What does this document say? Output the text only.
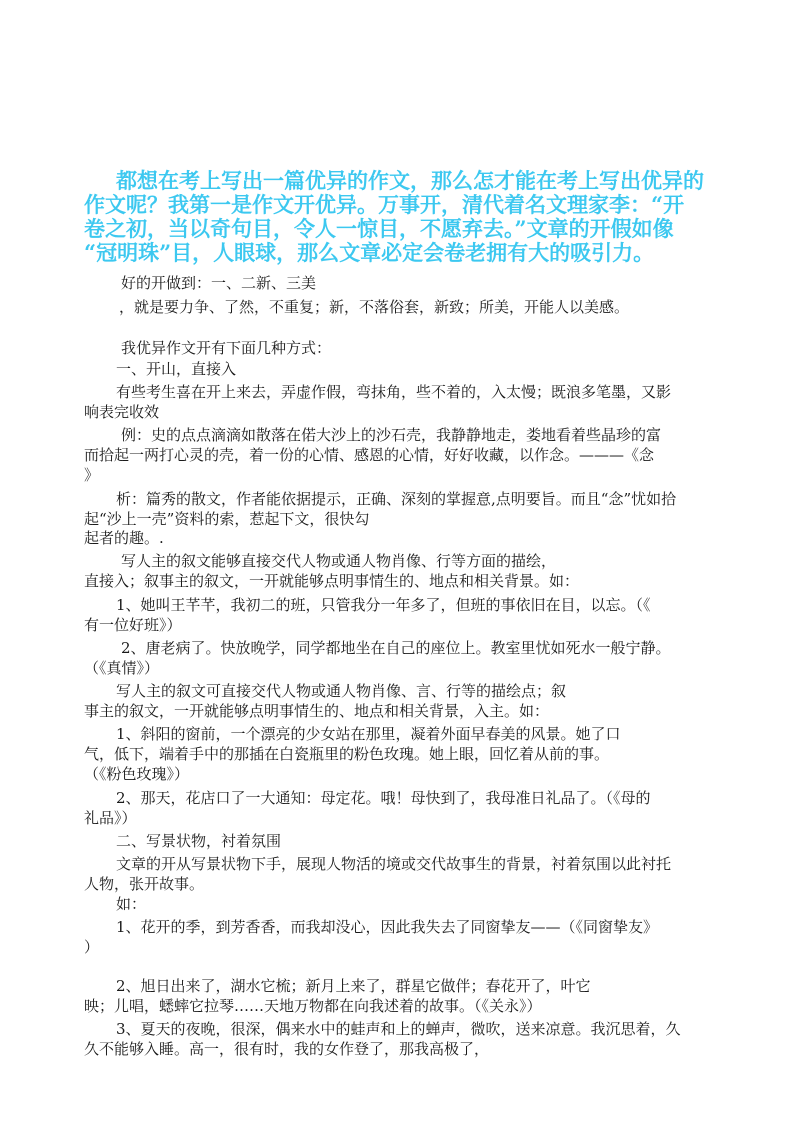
都想在考上写出一篇优异的作文，那么怎才能在考上写出优异的
作文呢？我第一是作文开优异。万事开，清代着名文理家李：“开
卷之初，当以奇句目，令人一惊目，不愿弃去。”文章的开假如像
“冠明珠”目，人眼球，那么文章必定会卷老拥有大的吸引力。
好的开做到：一、二新、三美
，就是要力争、了然，不重复；新，不落俗套，新致；所美，开能人以美感。
我优异作文开有下面几种方式：
一、开山，直接入
有些考生喜在开上来去，弄虚作假，弯抹角，些不着的，入太慢；既浪多笔墨，又影
响表完收效
例：史的点点滴滴如散落在偌大沙上的沙石壳，我静静地走，娄地看着些晶珍的富
而拾起一两打心灵的壳，着一份的心情、感恩的心情，好好收藏，以作念。———《念
》
析：篇秀的散文，作者能依据提示，正确、深刻的掌握意,点明要旨。而且“念”忧如拾
起“沙上一壳”资料的索，惹起下文，很快勾
起者的趣。.
写人主的叙文能够直接交代人物或通人物肖像、行等方面的描绘，
直接入；叙事主的叙文，一开就能够点明事情生的、地点和相关背景。如：
1、她叫王芊芊，我初二的班，只管我分一年多了，但班的事依旧在目，以忘。（《
有一位好班》）
2、唐老病了。快放晚学，同学都地坐在自己的座位上。教室里忧如死水一般宁静。
（《真情》）
写人主的叙文可直接交代人物或通人物肖像、言、行等的描绘点；叙
事主的叙文，一开就能够点明事情生的、地点和相关背景，入主。如：
1、斜阳的窗前，一个漂亮的少女站在那里，凝着外面早春美的风景。她了口
气，低下，端着手中的那插在白瓷瓶里的粉色玫瑰。她上眼，回忆着从前的事。
（《粉色玫瑰》）
2、那天，花店口了一大通知：母定花。哦！母快到了，我母准日礼品了。（《母的
礼品》）
二、写景状物，衬着氛围
文章的开从写景状物下手，展现人物活的境或交代故事生的背景，衬着氛围以此衬托
人物，张开故事。
如：
1、花开的季，到芳香香，而我却没心，因此我失去了同窗挚友——（《同窗挚友》
）
2、旭日出来了，湖水它梳；新月上来了，群星它做伴；春花开了，叶它
映；儿唱，蟋蟀它拉琴……天地万物都在向我述着的故事。（《关永》）
3、夏天的夜晚，很深，偶来水中的蛙声和上的蝉声，微吹，送来凉意。我沉思着，久
久不能够入睡。高一，很有时，我的女作登了，那我高极了，
